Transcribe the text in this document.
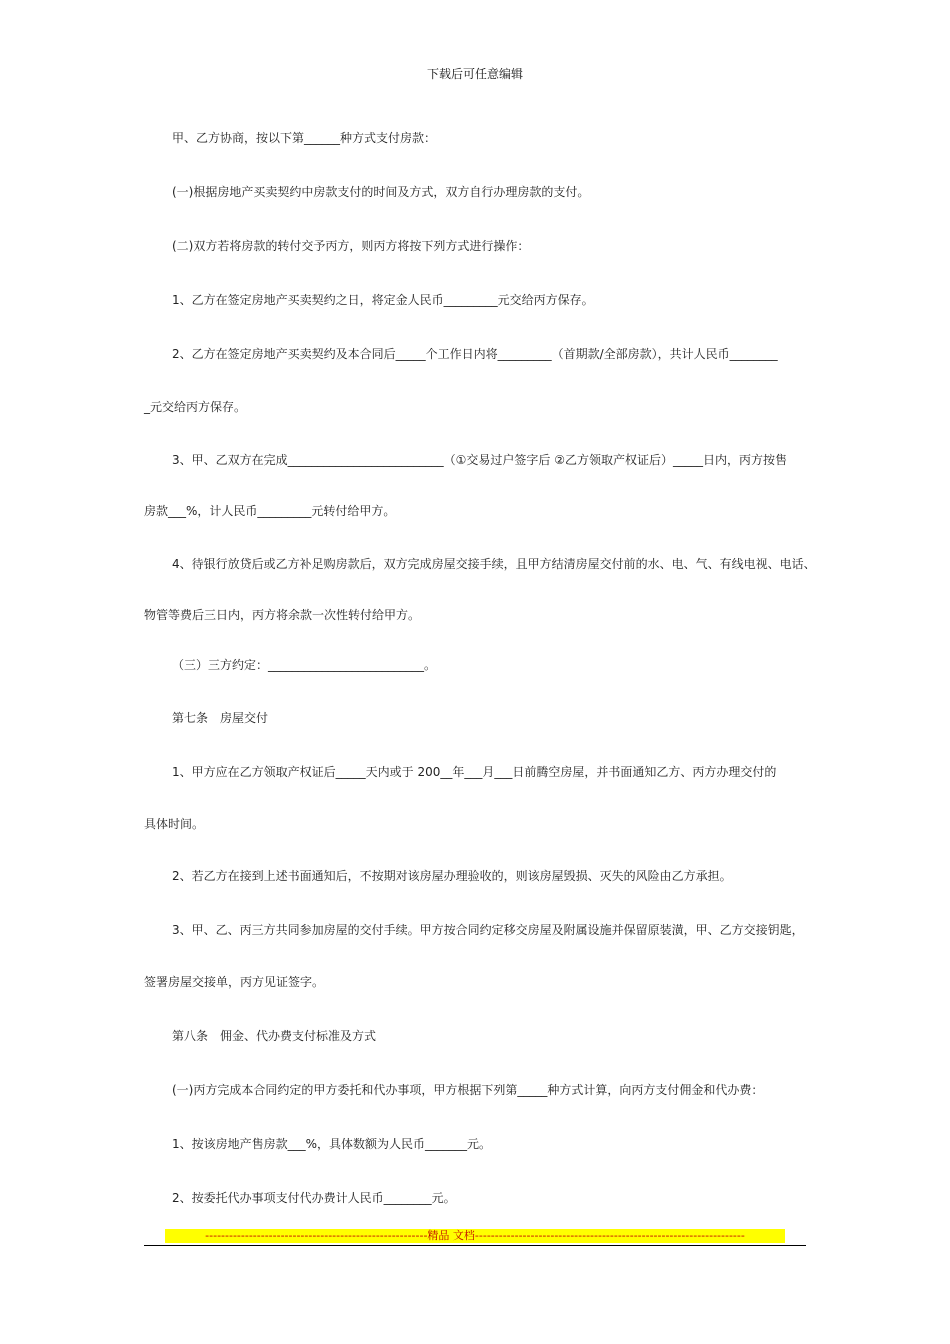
下载后可任意编辑
甲、乙方协商，按以下第______种方式支付房款：
(一)根据房地产买卖契约中房款支付的时间及方式，双方自行办理房款的支付。
(二)双方若将房款的转付交予丙方，则丙方将按下列方式进行操作：
1、乙方在签定房地产买卖契约之日，将定金人民币_________元交给丙方保存。
2、乙方在签定房地产买卖契约及本合同后_____个工作日内将_________（首期款/全部房款），共计人民币________
_元交给丙方保存。
3、甲、乙双方在完成__________________________（①交易过户签字后 ②乙方领取产权证后）_____日内，丙方按售
房款___%，计人民币_________元转付给甲方。
4、待银行放贷后或乙方补足购房款后，双方完成房屋交接手续，且甲方结清房屋交付前的水、电、气、有线电视、电话、
物管等费后三日内，丙方将余款一次性转付给甲方。
（三）三方约定：__________________________。
第七条　房屋交付
1、甲方应在乙方领取产权证后_____天内或于 200__年___月___日前腾空房屋，并书面通知乙方、丙方办理交付的
具体时间。
2、若乙方在接到上述书面通知后，不按期对该房屋办理验收的，则该房屋毁损、灭失的风险由乙方承担。
3、甲、乙、丙三方共同参加房屋的交付手续。甲方按合同约定移交房屋及附属设施并保留原装潢，甲、乙方交接钥匙，
签署房屋交接单，丙方见证签字。
第八条　佣金、代办费支付标准及方式
(一)丙方完成本合同约定的甲方委托和代办事项，甲方根据下列第_____种方式计算，向丙方支付佣金和代办费：
1、按该房地产售房款___%，具体数额为人民币_______元。
2、按委托代办事项支付代办费计人民币________元。
--------------------------------------------------------精品 文档--------------------------------------------------------------------
